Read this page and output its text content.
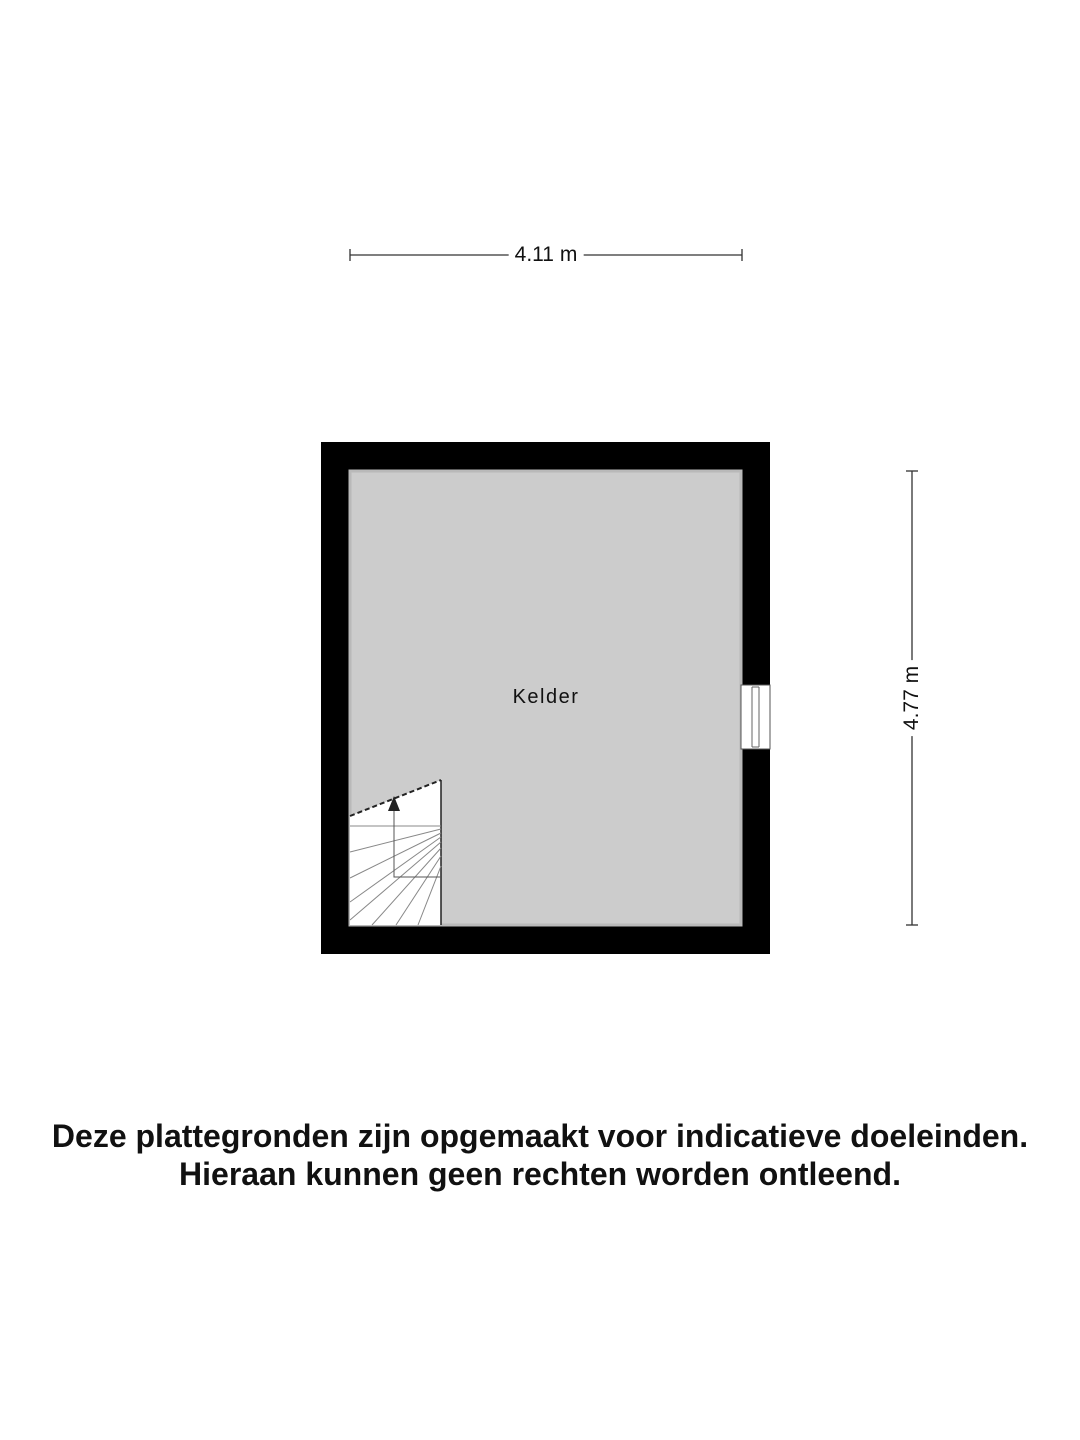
4.11 m
4.77 m
Kelder
Deze plattegronden zijn opgemaakt voor indicatieve doeleinden.
Hieraan kunnen geen rechten worden ontleend.
